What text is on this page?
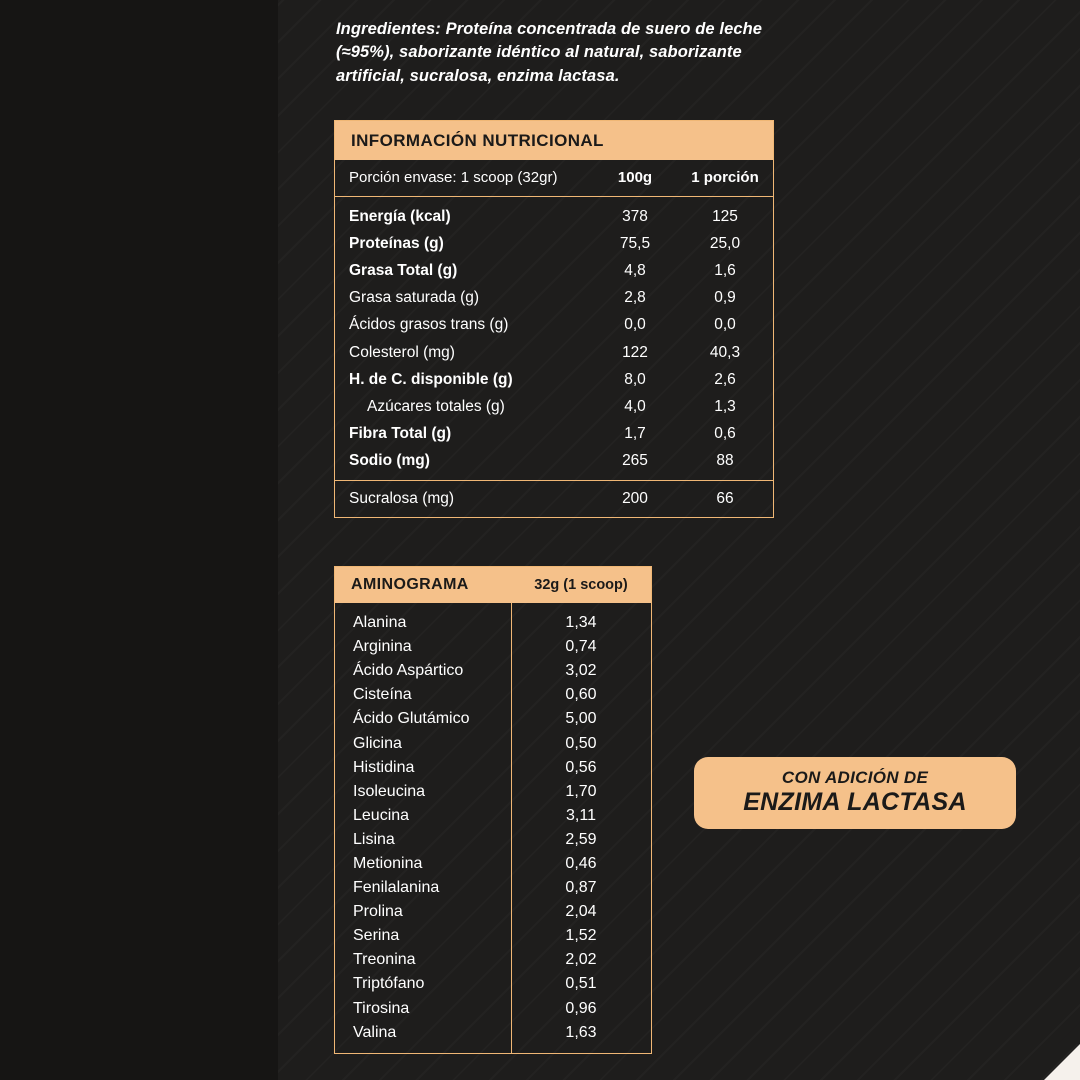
Ingredientes: Proteína concentrada de suero de leche (≈95%), saborizante idéntico al natural, saborizante artificial, sucralosa, enzima lactasa.
INFORMACIÓN NUTRICIONAL
Porción envase: 1 scoop (32gr)	100g	1 porción
Energía (kcal)	378	125
Proteínas (g)	75,5	25,0
Grasa Total (g)	4,8	1,6
Grasa saturada (g)	2,8	0,9
Ácidos grasos trans (g)	0,0	0,0
Colesterol (mg)	122	40,3
H. de C. disponible (g)	8,0	2,6
Azúcares totales (g)	4,0	1,3
Fibra Total (g)	1,7	0,6
Sodio (mg)	265	88
Sucralosa (mg)	200	66
AMINOGRAMA	32g (1 scoop)
Alanina	1,34
Arginina	0,74
Ácido Aspártico	3,02
Cisteína	0,60
Ácido Glutámico	5,00
Glicina	0,50
Histidina	0,56
Isoleucina	1,70
Leucina	3,11
Lisina	2,59
Metionina	0,46
Fenilalanina	0,87
Prolina	2,04
Serina	1,52
Treonina	2,02
Triptófano	0,51
Tirosina	0,96
Valina	1,63
CON ADICIÓN DE
ENZIMA LACTASA
